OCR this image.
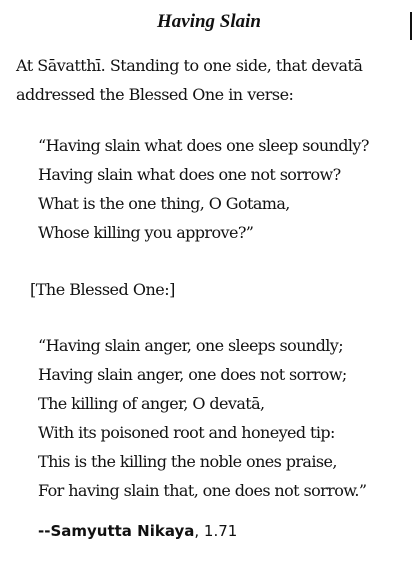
Having Slain
At Sāvatthī. Standing to one side, that devatā
addressed the Blessed One in verse:
“Having slain what does one sleep soundly?
Having slain what does one not sorrow?
What is the one thing, O Gotama,
Whose killing you approve?”
[The Blessed One:]
“Having slain anger, one sleeps soundly;
Having slain anger, one does not sorrow;
The killing of anger, O devatā,
With its poisoned root and honeyed tip:
This is the killing the noble ones praise,
For having slain that, one does not sorrow.”
--Samyutta Nikaya, 1.71
